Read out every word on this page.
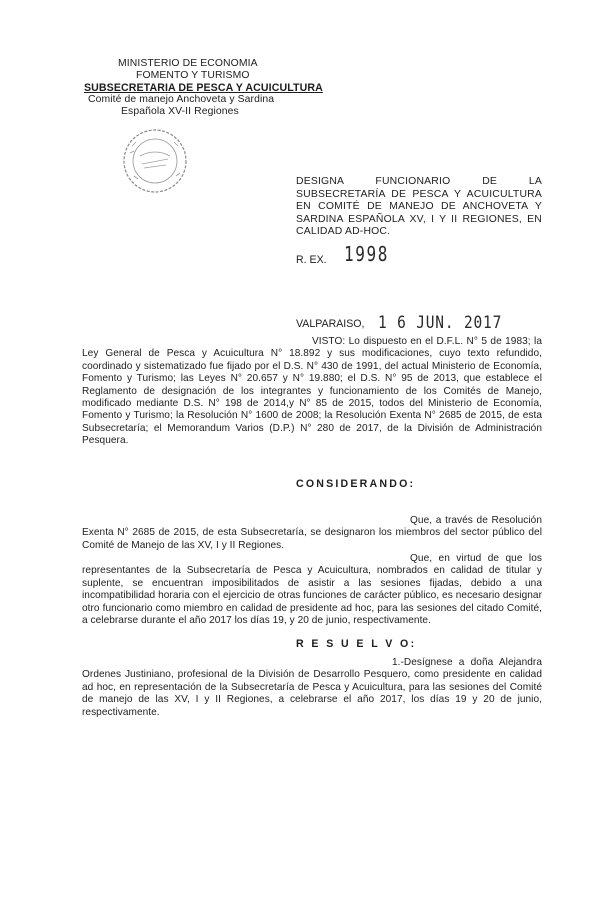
MINISTERIO DE ECONOMIA
FOMENTO Y TURISMO
SUBSECRETARIA DE PESCA Y ACUICULTURA
Comité de manejo Anchoveta y Sardina
Española XV-II Regiones
DESIGNA FUNCIONARIO DE LA SUBSECRETARÍA DE PESCA Y ACUICULTURA EN COMITÉ DE MANEJO DE ANCHOVETA Y SARDINA ESPAÑOLA XV, I Y II REGIONES, EN CALIDAD AD-HOC.
R. EX. 1998
VALPARAISO, 1 6 JUN. 2017
VISTO: Lo dispuesto en el D.F.L. N° 5 de 1983; la Ley General de Pesca y Acuicultura N° 18.892 y sus modificaciones, cuyo texto refundido, coordinado y sistematizado fue fijado por el D.S. N° 430 de 1991, del actual Ministerio de Economía, Fomento y Turismo; las Leyes N° 20.657 y N° 19.880; el D.S. N° 95 de 2013, que establece el Reglamento de designación de los integrantes y funcionamiento de los Comités de Manejo, modificado mediante D.S. N° 198 de 2014,y N° 85 de 2015, todos del Ministerio de Economía, Fomento y Turismo; la Resolución N° 1600 de 2008; la Resolución Exenta N° 2685 de 2015, de esta Subsecretaría; el Memorandum Varios (D.P.) N° 280 de 2017, de la División de Administración Pesquera.
CONSIDERANDO:
Que, a través de Resolución Exenta N° 2685 de 2015, de esta Subsecretaría, se designaron los miembros del sector público del Comité de Manejo de las XV, I y II Regiones.
Que, en virtud de que los representantes de la Subsecretaría de Pesca y Acuicultura, nombrados en calidad de titular y suplente, se encuentran imposibilitados de asistir a las sesiones fijadas, debido a una incompatibilidad horaria con el ejercicio de otras funciones de carácter público, es necesario designar otro funcionario como miembro en calidad de presidente ad hoc, para las sesiones del citado Comité, a celebrarse durante el año 2017 los días 19, y 20 de junio, respectivamente.
R E S U E L V O:
1.-Desígnese a doña Alejandra Ordenes Justiniano, profesional de la División de Desarrollo Pesquero, como presidente en calidad ad hoc, en representación de la Subsecretaría de Pesca y Acuicultura, para las sesiones del Comité de manejo de las XV, I y II Regiones, a celebrarse el año 2017, los días 19 y 20 de junio, respectivamente.
